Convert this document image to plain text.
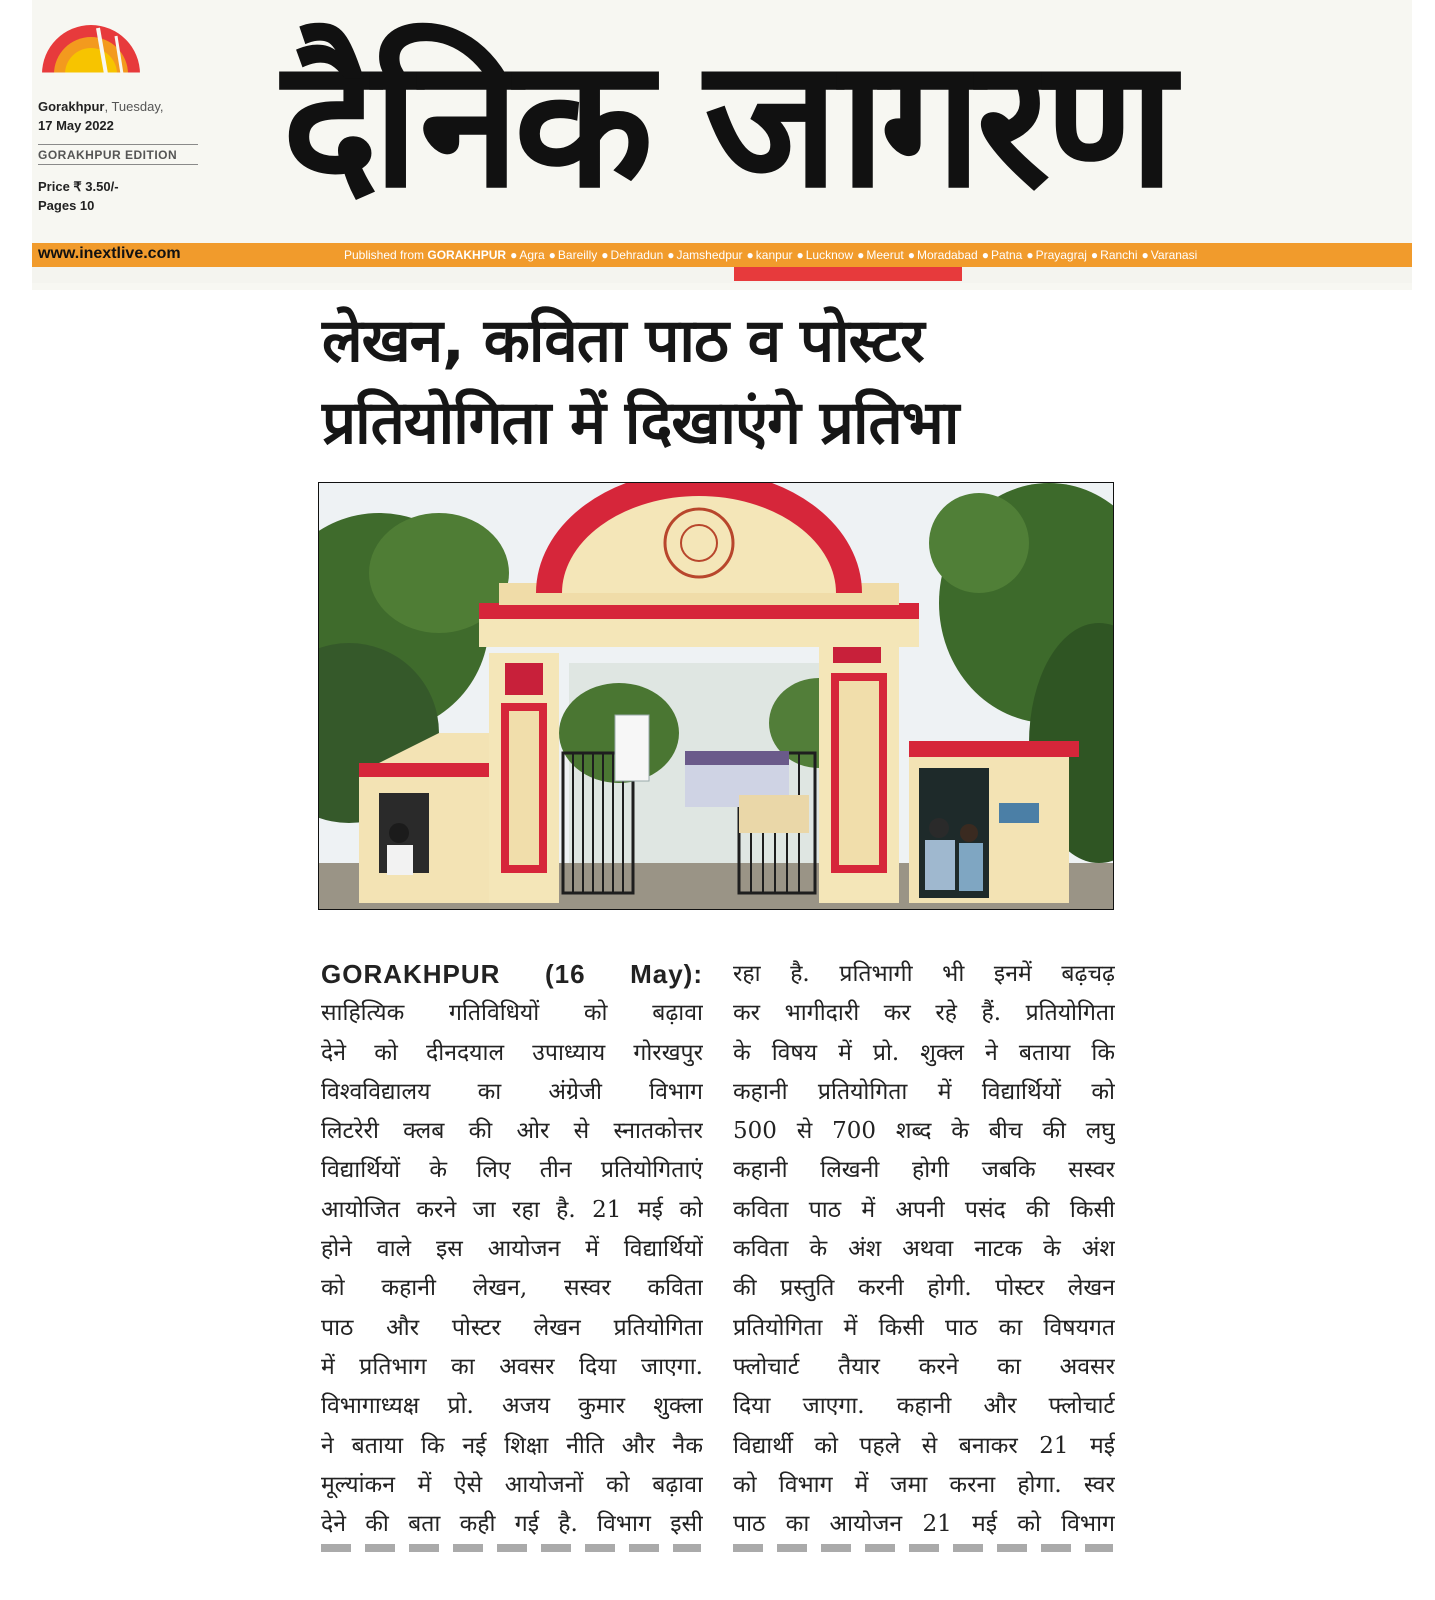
Gorakhpur, Tuesday,
17 May 2022
GORAKHPUR EDITION
Price ₹ 3.50/-
Pages 10	दैनिक जागरण
www.inextlive.com	Published from GORAKHPUR ● Agra ● Bareilly ● Dehradun ● Jamshedpur ● kanpur ● Lucknow ● Meerut ● Moradabad ● Patna ● Prayagraj ● Ranchi ● Varanasi
लेखन, कविता पाठ व पोस्टर
प्रतियोगिता में दिखाएंगे प्रतिभा
GORAKHPUR (16 May):
साहित्यिक गतिविधियों को बढ़ावा
देने को दीनदयाल उपाध्याय गोरखपुर
विश्वविद्यालय का अंग्रेजी विभाग
लिटरेरी क्लब की ओर से स्नातकोत्तर
विद्यार्थियों के लिए तीन प्रतियोगिताएं
आयोजित करने जा रहा है. 21 मई को
होने वाले इस आयोजन में विद्यार्थियों
को कहानी लेखन, सस्वर कविता
पाठ और पोस्टर लेखन प्रतियोगिता
में प्रतिभाग का अवसर दिया जाएगा.
विभागाध्यक्ष प्रो. अजय कुमार शुक्ला
ने बताया कि नई शिक्षा नीति और नैक
मूल्यांकन में ऐसे आयोजनों को बढ़ावा
देने की बता कही गई है. विभाग इसी
रहा है. प्रतिभागी भी इनमें बढ़चढ़
कर भागीदारी कर रहे हैं. प्रतियोगिता
के विषय में प्रो. शुक्ल ने बताया कि
कहानी प्रतियोगिता में विद्यार्थियों को
500 से 700 शब्द के बीच की लघु
कहानी लिखनी होगी जबकि सस्वर
कविता पाठ में अपनी पसंद की किसी
कविता के अंश अथवा नाटक के अंश
की प्रस्तुति करनी होगी. पोस्टर लेखन
प्रतियोगिता में किसी पाठ का विषयगत
फ्लोचार्ट तैयार करने का अवसर
दिया जाएगा. कहानी और फ्लोचार्ट
विद्यार्थी को पहले से बनाकर 21 मई
को विभाग में जमा करना होगा. स्वर
पाठ का आयोजन 21 मई को विभाग
